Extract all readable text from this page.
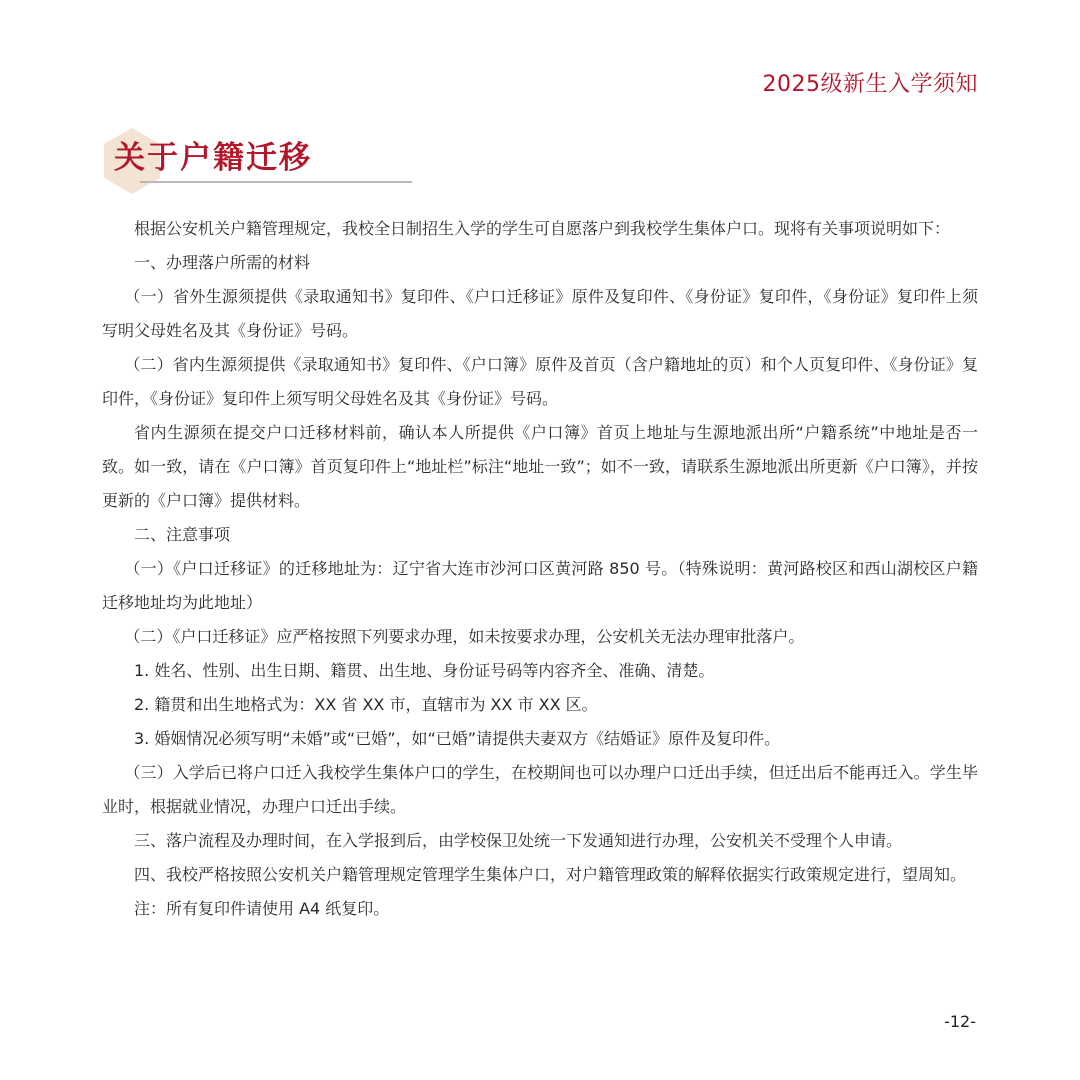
2025级新生入学须知
关于户籍迁移

根据公安机关户籍管理规定，我校全日制招生入学的学生可自愿落户到我校学生集体户口。现将有关事项说明如下：

一、办理落户所需的材料

（一）省外生源须提供《录取通知书》复印件、《户口迁移证》原件及复印件、《身份证》复印件，《身份证》复印件上须写明父母姓名及其《身份证》号码。

（二）省内生源须提供《录取通知书》复印件、《户口簿》原件及首页（含户籍地址的页）和个人页复印件、《身份证》复印件，《身份证》复印件上须写明父母姓名及其《身份证》号码。

省内生源须在提交户口迁移材料前，确认本人所提供《户口簿》首页上地址与生源地派出所“户籍系统”中地址是否一致。如一致，请在《户口簿》首页复印件上“地址栏”标注“地址一致”；如不一致，请联系生源地派出所更新《户口簿》，并按更新的《户口簿》提供材料。

二、注意事项

（一）《户口迁移证》的迁移地址为：辽宁省大连市沙河口区黄河路 850 号。（特殊说明：黄河路校区和西山湖校区户籍迁移地址均为此地址）

（二）《户口迁移证》应严格按照下列要求办理，如未按要求办理，公安机关无法办理审批落户。

1. 姓名、性别、出生日期、籍贯、出生地、身份证号码等内容齐全、准确、清楚。

2. 籍贯和出生地格式为：XX 省 XX 市，直辖市为 XX 市 XX 区。

3. 婚姻情况必须写明“未婚”或“已婚”，如“已婚”请提供夫妻双方《结婚证》原件及复印件。

（三）入学后已将户口迁入我校学生集体户口的学生，在校期间也可以办理户口迁出手续，但迁出后不能再迁入。学生毕业时，根据就业情况，办理户口迁出手续。

三、落户流程及办理时间，在入学报到后，由学校保卫处统一下发通知进行办理，公安机关不受理个人申请。

四、我校严格按照公安机关户籍管理规定管理学生集体户口，对户籍管理政策的解释依据实行政策规定进行，望周知。

注：所有复印件请使用 A4 纸复印。

-12-
